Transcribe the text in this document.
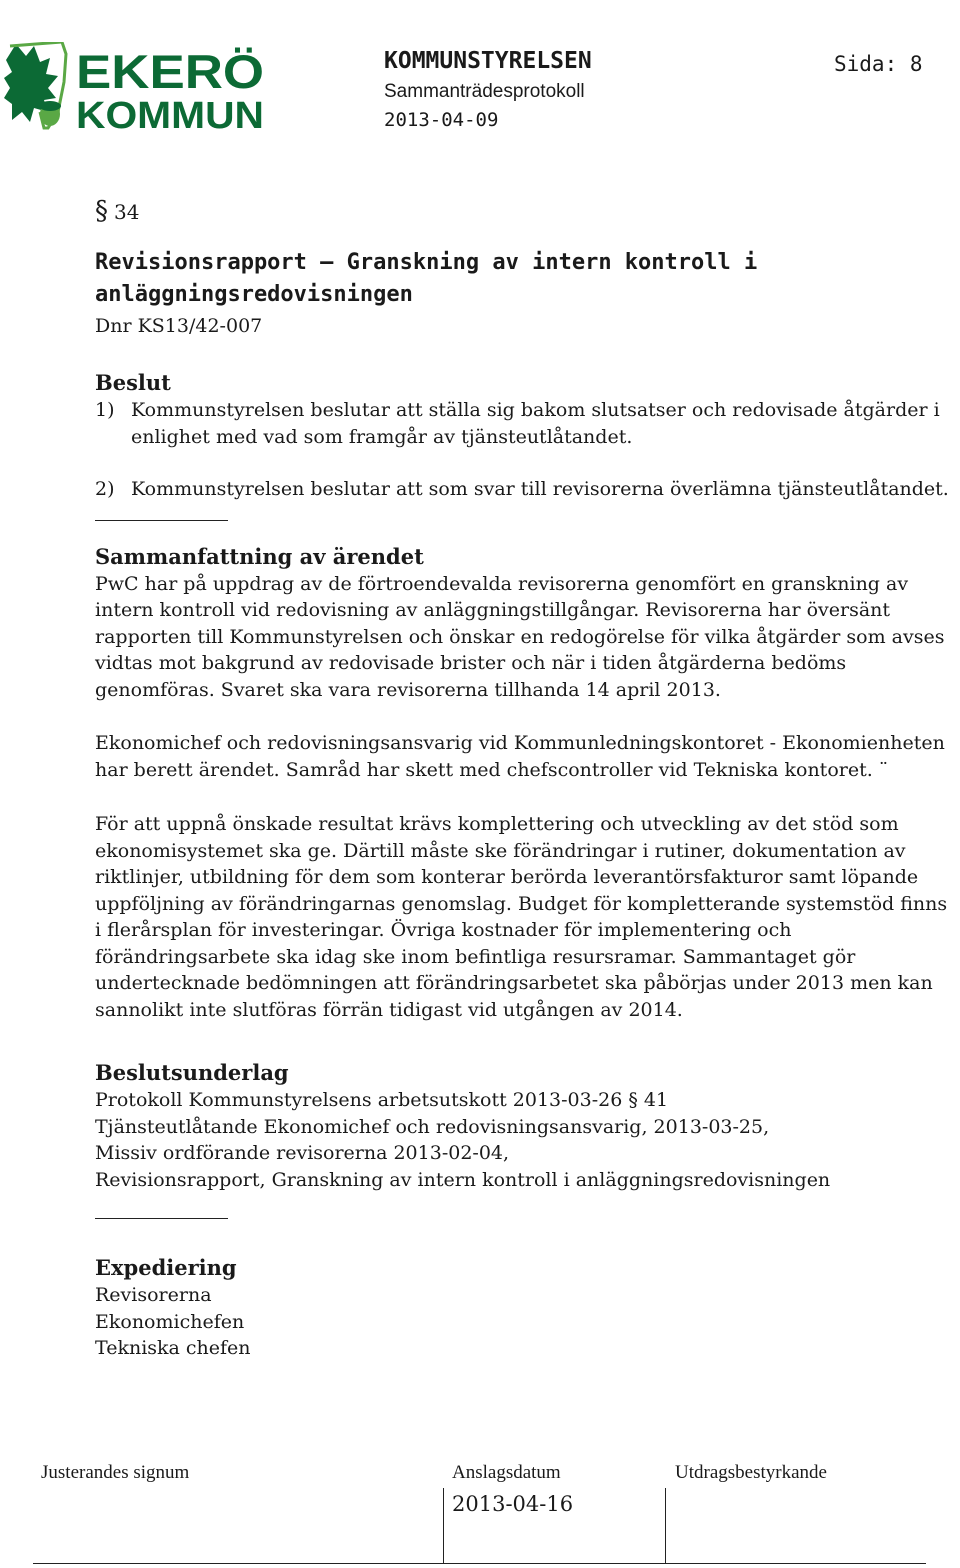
EKERÖ
KOMMUN
KOMMUNSTYRELSEN
Sammanträdesprotokoll
2013-04-09
Sida: 8
§ 34
Revisionsrapport – Granskning av intern kontroll i
anläggningsredovisningen
Dnr KS13/42-007
Beslut
1) Kommunstyrelsen beslutar att ställa sig bakom slutsatser och redovisade åtgärder i enlighet med vad som framgår av tjänsteutlåtandet.
2) Kommunstyrelsen beslutar att som svar till revisorerna överlämna tjänsteutlåtandet.
Sammanfattning av ärendet

PwC har på uppdrag av de förtroendevalda revisorerna genomfört en granskning av intern kontroll vid redovisning av anläggningstillgångar. Revisorerna har översänt rapporten till Kommunstyrelsen och önskar en redogörelse för vilka åtgärder som avses vidtas mot bakgrund av redovisade brister och när i tiden åtgärderna bedöms genomföras. Svaret ska vara revisorerna tillhanda 14 april 2013.

Ekonomichef och redovisningsansvarig vid Kommunledningskontoret - Ekonomienheten har berett ärendet. Samråd har skett med chefscontroller vid Tekniska kontoret. ¨

För att uppnå önskade resultat krävs komplettering och utveckling av det stöd som ekonomisystemet ska ge. Därtill måste ske förändringar i rutiner, dokumentation av riktlinjer, utbildning för dem som konterar berörda leverantörsfakturor samt löpande uppföljning av förändringarnas genomslag. Budget för kompletterande systemstöd finns i flerårsplan för investeringar. Övriga kostnader för implementering och förändringsarbete ska idag ske inom befintliga resursramar. Sammantaget gör undertecknade bedömningen att förändringsarbetet ska påbörjas under 2013 men kan sannolikt inte slutföras förrän tidigast vid utgången av 2014.

Beslutsunderlag
Protokoll Kommunstyrelsens arbetsutskott 2013-03-26 § 41
Tjänsteutlåtande Ekonomichef och redovisningsansvarig, 2013-03-25,
Missiv ordförande revisorerna 2013-02-04,
Revisionsrapport, Granskning av intern kontroll i anläggningsredovisningen
Expediering
Revisorerna
Ekonomichefen
Tekniska chefen
Justerandes signum	Anslagsdatum	Utdragsbestyrkande
2013-04-16
